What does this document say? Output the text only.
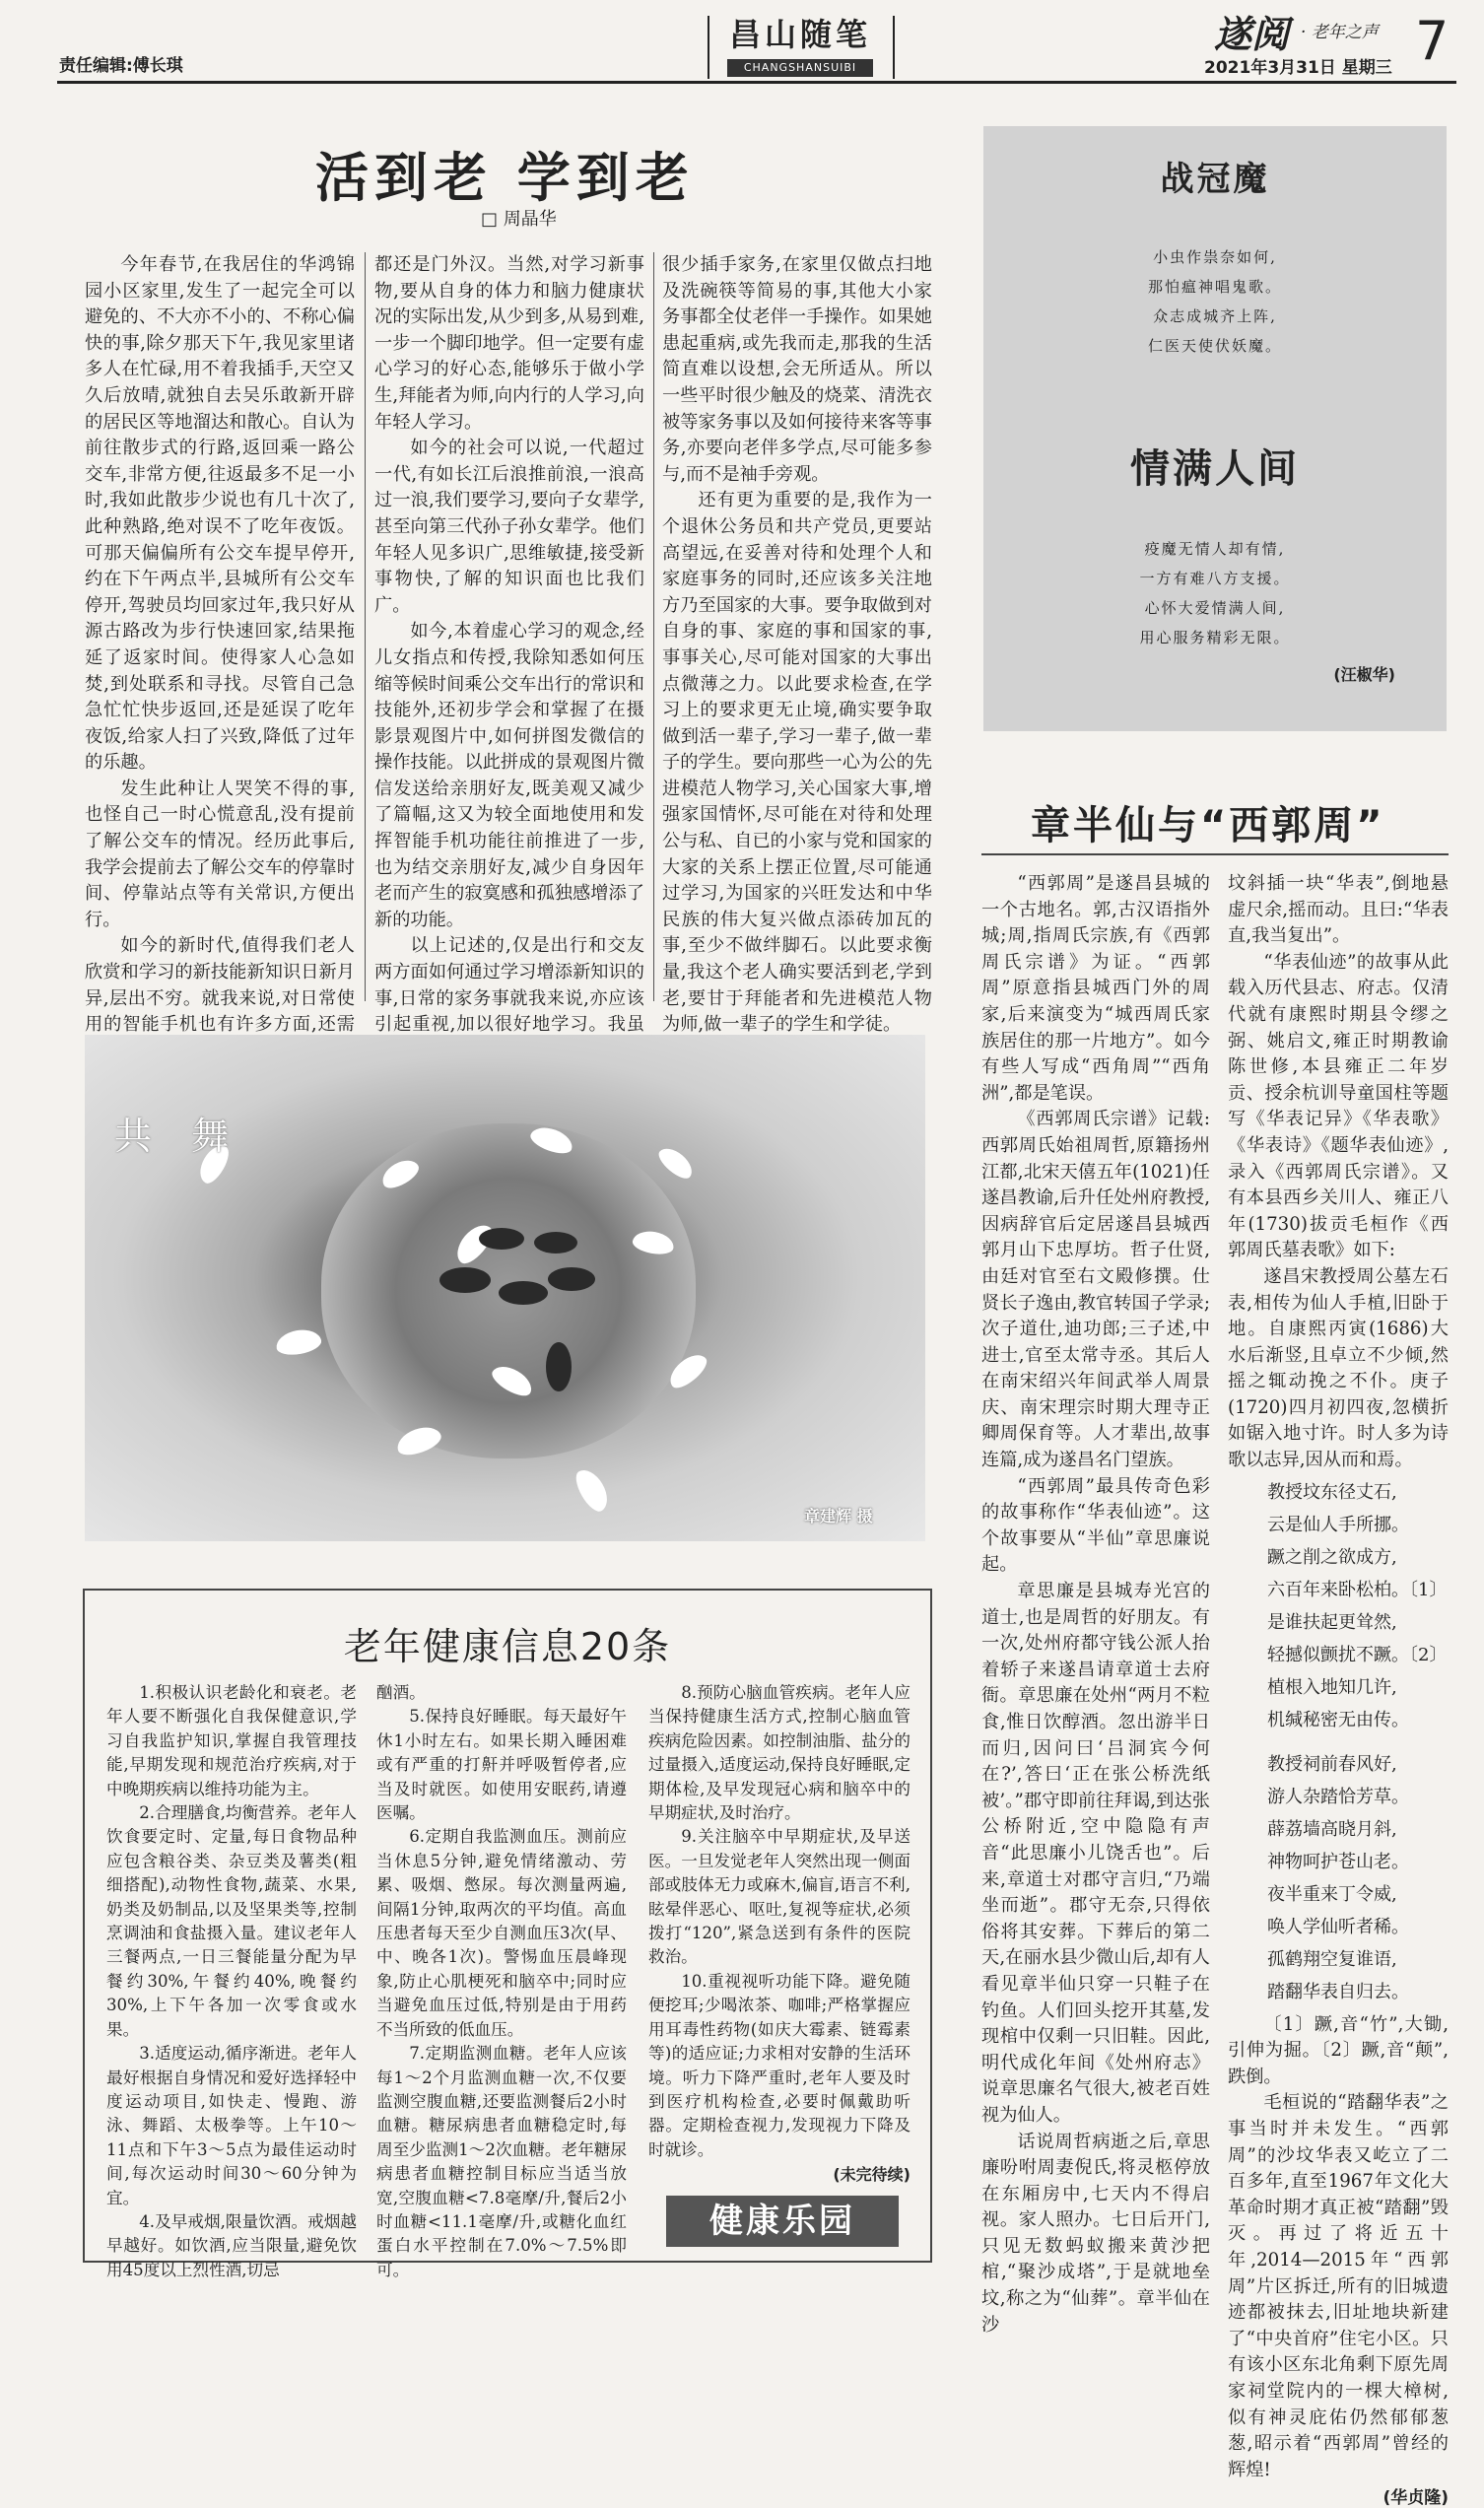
责任编辑:傅长琪
昌山随笔
CHANGSHANSUIBI
遂阅 · 老年之声
2021年3月31日 星期三 7
活到老 学到老
□ 周晶华

今年春节,在我居住的华鸿锦园小区家里,发生了一起完全可以避免的、不大亦不小的、不称心偏快的事,除夕那天下午,我见家里诸多人在忙碌,用不着我插手,天空又久后放晴,就独自去吴乐敢新开辟的居民区等地溜达和散心。自认为前往散步式的行路,返回乘一路公交车,非常方便,往返最多不足一小时,我如此散步少说也有几十次了,此种熟路,绝对误不了吃年夜饭。可那天偏偏所有公交车提早停开,约在下午两点半,县城所有公交车停开,驾驶员均回家过年,我只好从源古路改为步行快速回家,结果拖延了返家时间。使得家人心急如焚,到处联系和寻找。尽管自己急急忙忙快步返回,还是延误了吃年夜饭,给家人扫了兴致,降低了过年的乐趣。

发生此种让人哭笑不得的事,也怪自己一时心慌意乱,没有提前了解公交车的情况。经历此事后,我学会提前去了解公交车的停靠时间、停靠站点等有关常识,方便出行。

如今的新时代,值得我们老人欣赏和学习的新技能新知识日新月异,层出不穷。就我来说,对日常使用的智能手机也有许多方面,还需

都还是门外汉。当然,对学习新事物,要从自身的体力和脑力健康状况的实际出发,从少到多,从易到难,一步一个脚印地学。但一定要有虚心学习的好心态,能够乐于做小学生,拜能者为师,向内行的人学习,向年轻人学习。

如今的社会可以说,一代超过一代,有如长江后浪推前浪,一浪高过一浪,我们要学习,要向子女辈学,甚至向第三代孙子孙女辈学。他们年轻人见多识广,思维敏捷,接受新事物快,了解的知识面也比我们广。

如今,本着虚心学习的观念,经儿女指点和传授,我除知悉如何压缩等候时间乘公交车出行的常识和技能外,还初步学会和掌握了在摄影景观图片中,如何拼图发微信的操作技能。以此拼成的景观图片微信发送给亲朋好友,既美观又减少了篇幅,这又为较全面地使用和发挥智能手机功能往前推进了一步,也为结交亲朋好友,减少自身因年老而产生的寂寞感和孤独感增添了新的功能。

以上记述的,仅是出行和交友两方面如何通过学习增添新知识的事,日常的家务事就我来说,亦应该引起重视,加以很好地学习。我虽

很少插手家务,在家里仅做点扫地及洗碗筷等简易的事,其他大小家务事都全仗老伴一手操作。如果她患起重病,或先我而走,那我的生活简直难以设想,会无所适从。所以一些平时很少触及的烧菜、清洗衣被等家务事以及如何接待来客等事务,亦要向老伴多学点,尽可能多参与,而不是袖手旁观。

还有更为重要的是,我作为一个退休公务员和共产党员,更要站高望远,在妥善对待和处理个人和家庭事务的同时,还应该多关注地方乃至国家的大事。要争取做到对自身的事、家庭的事和国家的事,事事关心,尽可能对国家的大事出点微薄之力。以此要求检查,在学习上的要求更无止境,确实要争取做到活一辈子,学习一辈子,做一辈子的学生。要向那些一心为公的先进模范人物学习,关心国家大事,增强家国情怀,尽可能在对待和处理公与私、自已的小家与党和国家的大家的关系上摆正位置,尽可能通过学习,为国家的兴旺发达和中华民族的伟大复兴做点添砖加瓦的事,至少不做绊脚石。以此要求衡量,我这个老人确实要活到老,学到老,要甘于拜能者和先进模范人物为师,做一辈子的学生和学徒。

共 舞
章建辉 摄
战冠魔
小虫作祟奈如何,
那怕瘟神唱鬼歌。
众志成城齐上阵,
仁医天使伏妖魔。
情满人间
疫魔无情人却有情,
一方有难八方支援。
心怀大爱情满人间,
用心服务精彩无限。
(汪椒华)
章半仙与“西郭周”

“西郭周”是遂昌县城的一个古地名。郭,古汉语指外城;周,指周氏宗族,有《西郭周氏宗谱》为证。“西郭周”原意指县城西门外的周家,后来演变为“城西周氏家族居住的那一片地方”。如今有些人写成“西角周”“西角洲”,都是笔误。

《西郭周氏宗谱》记载:西郭周氏始祖周哲,原籍扬州江都,北宋天僖五年(1021)任遂昌教谕,后升任处州府教授,因病辞官后定居遂昌县城西郭月山下忠厚坊。哲子仕贤,由廷对官至右文殿修撰。仕贤长子逸由,教官转国子学录;次子道仕,迪功郎;三子述,中进士,官至太常寺丞。其后人在南宋绍兴年间武举人周景庆、南宋理宗时期大理寺正卿周保育等。人才辈出,故事连篇,成为遂昌名门望族。

“西郭周”最具传奇色彩的故事称作“华表仙迹”。这个故事要从“半仙”章思廉说起。

章思廉是县城寿光宫的道士,也是周哲的好朋友。有一次,处州府都守钱公派人抬着轿子来遂昌请章道士去府衙。章思廉在处州“两月不粒食,惟日饮醇酒。忽出游半日而归,因问曰‘吕洞宾今何在?’,答曰‘正在张公桥洗纸被’。”郡守即前往拜谒,到达张公桥附近,空中隐隐有声音“此思廉小儿饶舌也”。后来,章道士对郡守言归,“乃端坐而逝”。郡守无奈,只得依俗将其安葬。下葬后的第二天,在丽水县少微山后,却有人看见章半仙只穿一只鞋子在钓鱼。人们回头挖开其墓,发现棺中仅剩一只旧鞋。因此,明代成化年间《处州府志》说章思廉名气很大,被老百姓视为仙人。

话说周哲病逝之后,章思廉吩咐周妻倪氏,将灵柩停放在东厢房中,七天内不得启视。家人照办。七日后开门,只见无数蚂蚁搬来黄沙把棺,“聚沙成塔”,于是就地垒坟,称之为“仙葬”。章半仙在沙

坟斜插一块“华表”,倒地悬虚尺余,摇而动。且曰:“华表直,我当复出”。

“华表仙迹”的故事从此载入历代县志、府志。仅清代就有康熙时期县令缪之弼、姚启文,雍正时期教谕陈世修,本县雍正二年岁贡、授余杭训导童国柱等题写《华表记异》《华表歌》《华表诗》《题华表仙迹》,录入《西郭周氏宗谱》。又有本县西乡关川人、雍正八年(1730)拔贡毛桓作《西郭周氏墓表歌》如下:

遂昌宋教授周公墓左石表,相传为仙人手植,旧卧于地。自康熙丙寅(1686)大水后渐竖,且卓立不少倾,然摇之辄动挽之不仆。庚子(1720)四月初四夜,忽横折如锯入地寸许。时人多为诗歌以志异,因从而和焉。

教授坟东径丈石,
云是仙人手所挪。
蹶之削之欲成方,
六百年来卧松柏。〔1〕
是谁扶起更耸然,
轻撼似颤扰不蹶。〔2〕
植根入地知几许,
机缄秘密无由传。
教授祠前春风好,
游人杂踏恰芳草。
薜荔墙高晓月斜,
神物呵护苍山老。
夜半重来丁令威,
唤人学仙听者稀。
孤鹤翔空复谁语,
踏翻华表自归去。

〔1〕蹶,音“竹”,大锄,引伸为掘。〔2〕蹶,音“颠”,跌倒。

毛桓说的“踏翻华表”之事当时并未发生。“西郭周”的沙坟华表又屹立了二百多年,直至1967年文化大革命时期才真正被“踏翻”毁灭。再过了将近五十年,2014—2015年“西郭周”片区拆迁,所有的旧城遗迹都被抹去,旧址地块新建了“中央首府”住宅小区。只有该小区东北角剩下原先周家祠堂院内的一棵大樟树,似有神灵庇佑仍然郁郁葱葱,昭示着“西郭周”曾经的辉煌!

(华贞隆)
老年健康信息20条

1.积极认识老龄化和衰老。老年人要不断强化自我保健意识,学习自我监护知识,掌握自我管理技能,早期发现和规范治疗疾病,对于中晚期疾病以维持功能为主。

2.合理膳食,均衡营养。老年人饮食要定时、定量,每日食物品种应包含粮谷类、杂豆类及薯类(粗细搭配),动物性食物,蔬菜、水果,奶类及奶制品,以及坚果类等,控制烹调油和食盐摄入量。建议老年人三餐两点,一日三餐能量分配为早餐约30%,午餐约40%,晚餐约30%,上下午各加一次零食或水果。

3.适度运动,循序渐进。老年人最好根据自身情况和爱好选择轻中度运动项目,如快走、慢跑、游泳、舞蹈、太极拳等。上午10～11点和下午3～5点为最佳运动时间,每次运动时间30～60分钟为宜。

4.及早戒烟,限量饮酒。戒烟越早越好。如饮酒,应当限量,避免饮用45度以上烈性酒,切忌

酗酒。

5.保持良好睡眠。每天最好午休1小时左右。如果长期入睡困难或有严重的打鼾并呼吸暂停者,应当及时就医。如使用安眠药,请遵医嘱。

6.定期自我监测血压。测前应当休息5分钟,避免情绪激动、劳累、吸烟、憋尿。每次测量两遍,间隔1分钟,取两次的平均值。高血压患者每天至少自测血压3次(早、中、晚各1次)。警惕血压晨峰现象,防止心肌梗死和脑卒中;同时应当避免血压过低,特别是由于用药不当所致的低血压。

7.定期监测血糖。老年人应该每1～2个月监测血糖一次,不仅要监测空腹血糖,还要监测餐后2小时血糖。糖尿病患者血糖稳定时,每周至少监测1～2次血糖。老年糖尿病患者血糖控制目标应当适当放宽,空腹血糖<7.8毫摩/升,餐后2小时血糖<11.1毫摩/升,或糖化血红蛋白水平控制在7.0%～7.5%即可。

8.预防心脑血管疾病。老年人应当保持健康生活方式,控制心脑血管疾病危险因素。如控制油脂、盐分的过量摄入,适度运动,保持良好睡眠,定期体检,及早发现冠心病和脑卒中的早期症状,及时治疗。

9.关注脑卒中早期症状,及早送医。一旦发觉老年人突然出现一侧面部或肢体无力或麻木,偏盲,语言不利,眩晕伴恶心、呕吐,复视等症状,必须拨打“120”,紧急送到有条件的医院救治。

10.重视视听功能下降。避免随便挖耳;少喝浓茶、咖啡;严格掌握应用耳毒性药物(如庆大霉素、链霉素等)的适应证;力求相对安静的生活环境。听力下降严重时,老年人要及时到医疗机构检查,必要时佩戴助听器。定期检查视力,发现视力下降及时就诊。

(未完待续)
健康乐园
